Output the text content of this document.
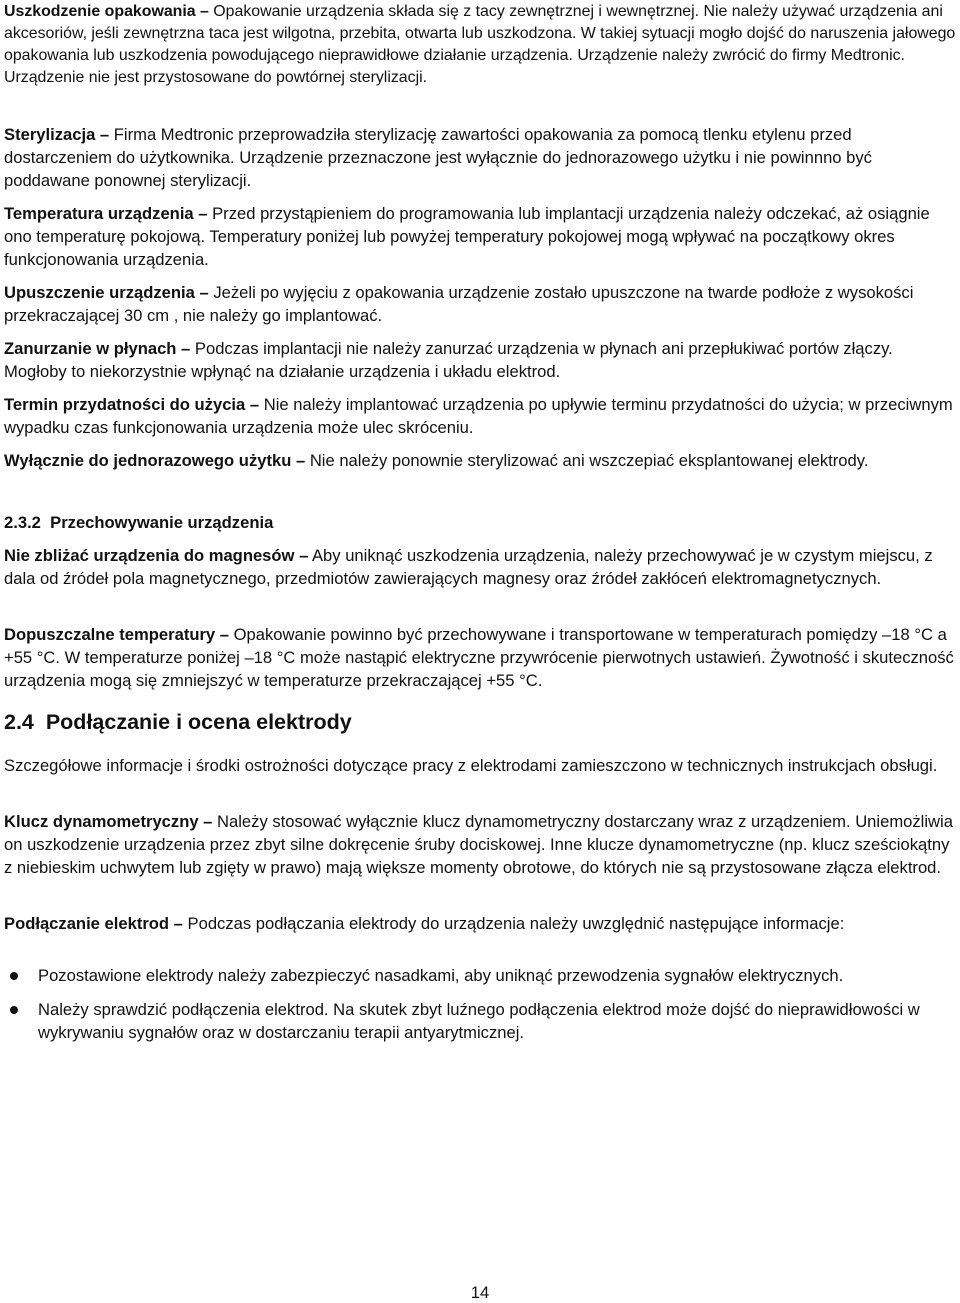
Uszkodzenie opakowania – Opakowanie urządzenia składa się z tacy zewnętrznej i wewnętrznej. Nie należy używać urządzenia ani akcesoriów, jeśli zewnętrzna taca jest wilgotna, przebita, otwarta lub uszkodzona. W takiej sytuacji mogło dojść do naruszenia jałowego opakowania lub uszkodzenia powodującego nieprawidłowe działanie urządzenia. Urządzenie należy zwrócić do firmy Medtronic. Urządzenie nie jest przystosowane do powtórnej sterylizacji.

Sterylizacja – Firma Medtronic przeprowadziła sterylizację zawartości opakowania za pomocą tlenku etylenu przed dostarczeniem do użytkownika. Urządzenie przeznaczone jest wyłącznie do jednorazowego użytku i nie powinnno być poddawane ponownej sterylizacji.

Temperatura urządzenia – Przed przystąpieniem do programowania lub implantacji urządzenia należy odczekać, aż osiągnie ono temperaturę pokojową. Temperatury poniżej lub powyżej temperatury pokojowej mogą wpływać na początkowy okres funkcjonowania urządzenia.

Upuszczenie urządzenia – Jeżeli po wyjęciu z opakowania urządzenie zostało upuszczone na twarde podłoże z wysokości przekraczającej 30 cm , nie należy go implantować.

Zanurzanie w płynach – Podczas implantacji nie należy zanurzać urządzenia w płynach ani przepłukiwać portów złączy. Mogłoby to niekorzystnie wpłynąć na działanie urządzenia i układu elektrod.

Termin przydatności do użycia – Nie należy implantować urządzenia po upływie terminu przydatności do użycia; w przeciwnym wypadku czas funkcjonowania urządzenia może ulec skróceniu.

Wyłącznie do jednorazowego użytku – Nie należy ponownie sterylizować ani wszczepiać eksplantowanej elektrody.

2.3.2  Przechowywanie urządzenia

Nie zbliżać urządzenia do magnesów – Aby uniknąć uszkodzenia urządzenia, należy przechowywać je w czystym miejscu, z dala od źródeł pola magnetycznego, przedmiotów zawierających magnesy oraz źródeł zakłóceń elektromagnetycznych.

Dopuszczalne temperatury – Opakowanie powinno być przechowywane i transportowane w temperaturach pomiędzy –18 °C a +55 °C. W temperaturze poniżej –18 °C może nastąpić elektryczne przywrócenie pierwotnych ustawień. Żywotność i skuteczność urządzenia mogą się zmniejszyć w temperaturze przekraczającej +55 °C.

2.4  Podłączanie i ocena elektrody

Szczegółowe informacje i środki ostrożności dotyczące pracy z elektrodami zamieszczono w technicznych instrukcjach obsługi.

Klucz dynamometryczny – Należy stosować wyłącznie klucz dynamometryczny dostarczany wraz z urządzeniem. Uniemożliwia on uszkodzenie urządzenia przez zbyt silne dokręcenie śruby dociskowej. Inne klucze dynamometryczne (np. klucz sześciokątny z niebieskim uchwytem lub zgięty w prawo) mają większe momenty obrotowe, do których nie są przystosowane złącza elektrod.

Podłączanie elektrod – Podczas podłączania elektrody do urządzenia należy uwzględnić następujące informacje:

Pozostawione elektrody należy zabezpieczyć nasadkami, aby uniknąć przewodzenia sygnałów elektrycznych.
Należy sprawdzić podłączenia elektrod. Na skutek zbyt luźnego podłączenia elektrod może dojść do nieprawidłowości w wykrywaniu sygnałów oraz w dostarczaniu terapii antyarytmicznej.
14
